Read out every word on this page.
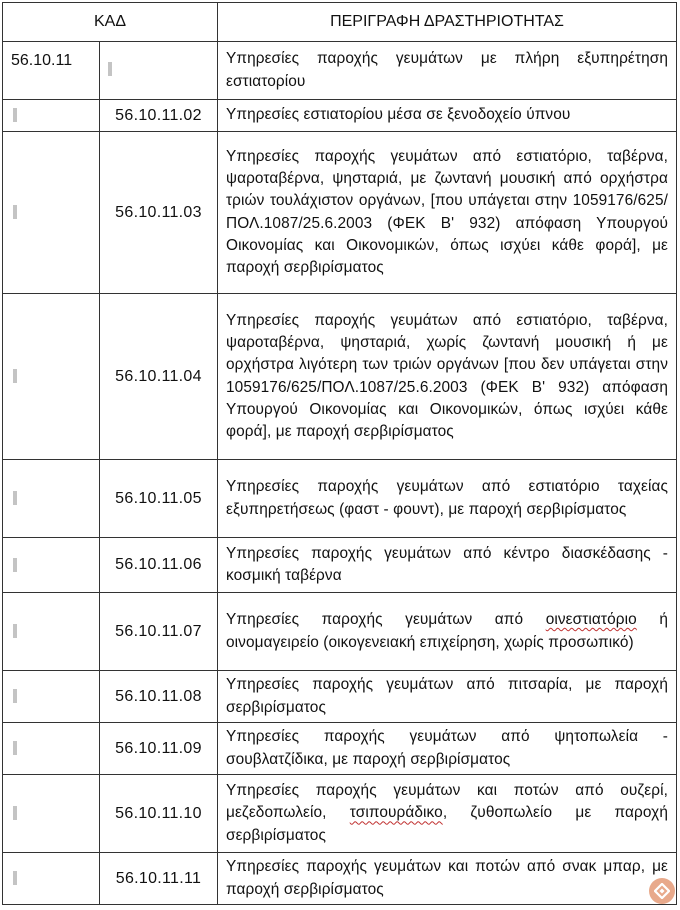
ΚΑΔ		ΠΕΡΙΓΡΑΦΗ ΔΡΑΣΤΗΡΙΟΤΗΤΑΣ
56.10.11		Υπηρεσίες παροχής γευμάτων με πλήρη εξυπηρέτηση εστιατορίου
	56.10.11.02	Υπηρεσίες εστιατορίου μέσα σε ξενοδοχείο ύπνου
	56.10.11.03	Υπηρεσίες παροχής γευμάτων από εστιατόριο, ταβέρνα, ψαροταβέρνα, ψησταριά, με ζωντανή μουσική από ορχήστρα τριών τουλάχιστον οργάνων, [που υπάγεται στην 1059176/625/ΠΟΛ.1087/25.6.2003 (ΦΕΚ Β' 932) απόφαση Υπουργού Οικονομίας και Οικονομικών, όπως ισχύει κάθε φορά], με παροχή σερβιρίσματος
	56.10.11.04	Υπηρεσίες παροχής γευμάτων από εστιατόριο, ταβέρνα, ψαροταβέρνα, ψησταριά, χωρίς ζωντανή μουσική ή με ορχήστρα λιγότερη των τριών οργάνων [που δεν υπάγεται στην 1059176/625/ΠΟΛ.1087/25.6.2003 (ΦΕΚ Β' 932) απόφαση Υπουργού Οικονομίας και Οικονομικών, όπως ισχύει κάθε φορά], με παροχή σερβιρίσματος
	56.10.11.05	Υπηρεσίες παροχής γευμάτων από εστιατόριο ταχείας εξυπηρετήσεως (φαστ - φουντ), με παροχή σερβιρίσματος
	56.10.11.06	Υπηρεσίες παροχής γευμάτων από κέντρο διασκέδασης - κοσμική ταβέρνα
	56.10.11.07	Υπηρεσίες παροχής γευμάτων από οινεστιατόριο ή οινομαγειρείο (οικογενειακή επιχείρηση, χωρίς προσωπικό)
	56.10.11.08	Υπηρεσίες παροχής γευμάτων από πιτσαρία, με παροχή σερβιρίσματος
	56.10.11.09	Υπηρεσίες παροχής γευμάτων από ψητοπωλεία - σουβλατζίδικα, με παροχή σερβιρίσματος
	56.10.11.10	Υπηρεσίες παροχής γευμάτων και ποτών από ουζερί, μεζεδοπωλείο, τσιπουράδικο, ζυθοπωλείο με παροχή σερβιρίσματος
	56.10.11.11	Υπηρεσίες παροχής γευμάτων και ποτών από σνακ μπαρ, με παροχή σερβιρίσματος
